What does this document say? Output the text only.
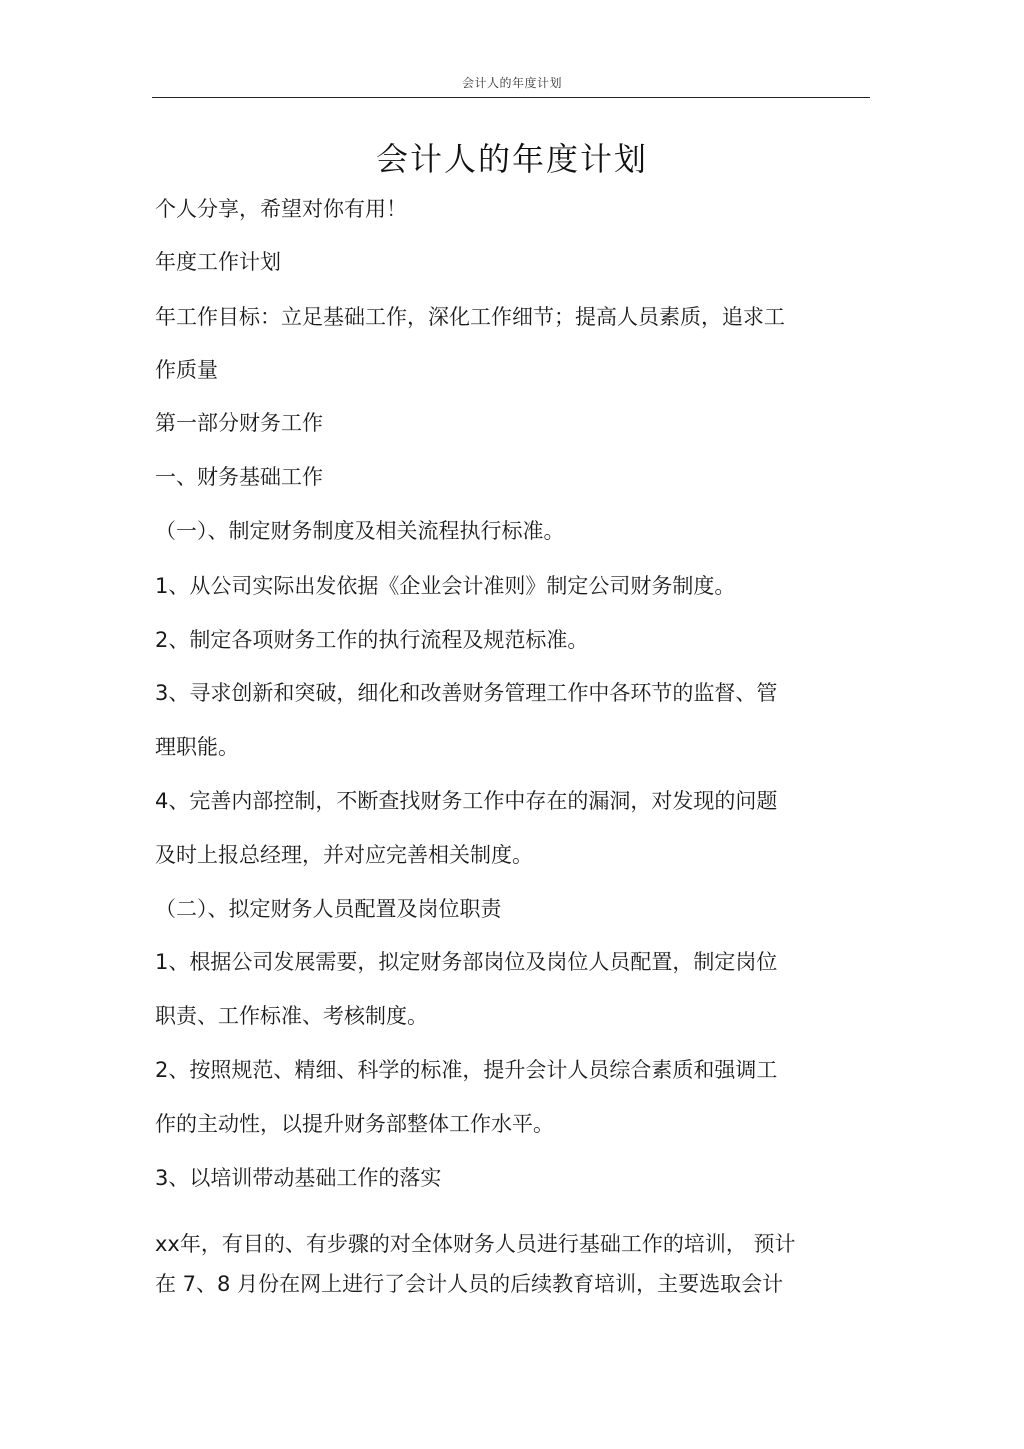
会计人的年度计划
会计人的年度计划
个人分享，希望对你有用！
年度工作计划
年工作目标：立足基础工作，深化工作细节；提高人员素质，追求工
作质量
第一部分财务工作
一、财务基础工作
（一）、制定财务制度及相关流程执行标准。
1、从公司实际出发依据《企业会计准则》制定公司财务制度。
2、制定各项财务工作的执行流程及规范标准。
3、寻求创新和突破，细化和改善财务管理工作中各环节的监督、管
理职能。
4、完善内部控制，不断查找财务工作中存在的漏洞，对发现的问题
及时上报总经理，并对应完善相关制度。
（二）、拟定财务人员配置及岗位职责
1、根据公司发展需要，拟定财务部岗位及岗位人员配置，制定岗位
职责、工作标准、考核制度。
2、按照规范、精细、科学的标准，提升会计人员综合素质和强调工
作的主动性，以提升财务部整体工作水平。
3、以培训带动基础工作的落实
xx年，有目的、有步骤的对全体财务人员进行基础工作的培训， 预计
在 7、8 月份在网上进行了会计人员的后续教育培训，主要选取会计
